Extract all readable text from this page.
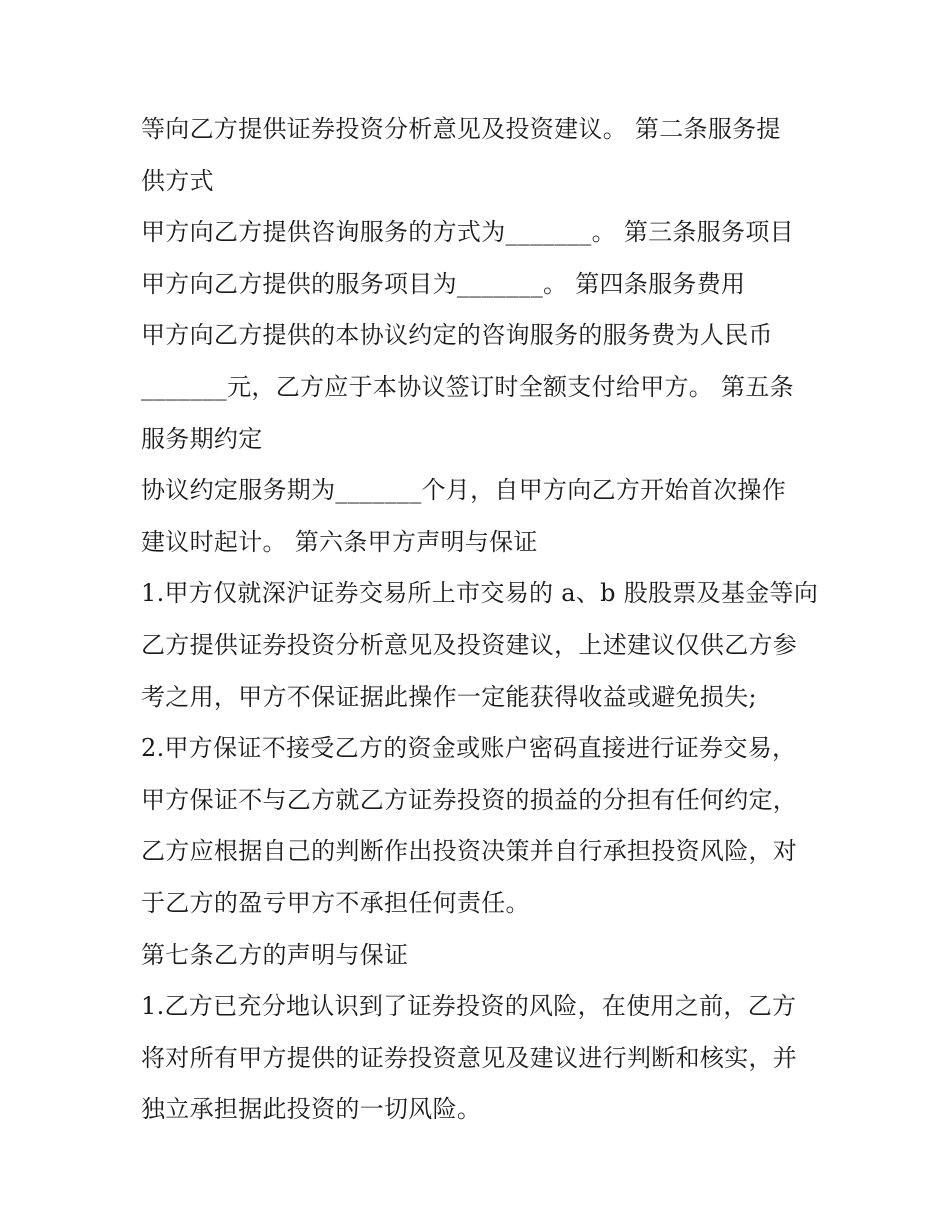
等向乙方提供证券投资分析意见及投资建议。 第二条服务提
供方式
甲方向乙方提供咨询服务的方式为_______。 第三条服务项目
甲方向乙方提供的服务项目为_______。 第四条服务费用
甲方向乙方提供的本协议约定的咨询服务的服务费为人民币
_______元，乙方应于本协议签订时全额支付给甲方。 第五条
服务期约定
协议约定服务期为_______个月，自甲方向乙方开始首次操作
建议时起计。 第六条甲方声明与保证
1.甲方仅就深沪证券交易所上市交易的 a、b 股股票及基金等向
乙方提供证券投资分析意见及投资建议，上述建议仅供乙方参
考之用，甲方不保证据此操作一定能获得收益或避免损失;
2.甲方保证不接受乙方的资金或账户密码直接进行证券交易，
甲方保证不与乙方就乙方证券投资的损益的分担有任何约定，
乙方应根据自己的判断作出投资决策并自行承担投资风险，对
于乙方的盈亏甲方不承担任何责任。
第七条乙方的声明与保证
1.乙方已充分地认识到了证券投资的风险，在使用之前，乙方
将对所有甲方提供的证券投资意见及建议进行判断和核实，并
独立承担据此投资的一切风险。
